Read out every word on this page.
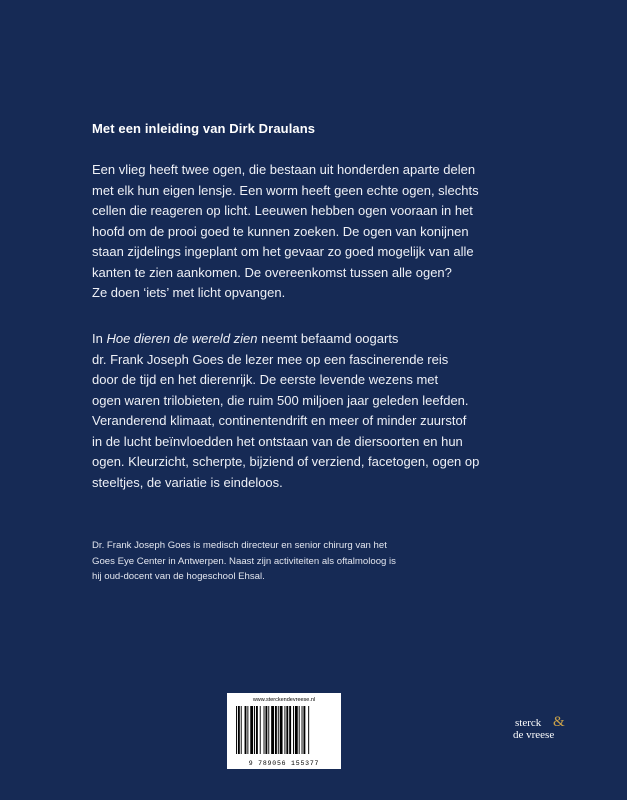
Met een inleiding van Dirk Draulans
Een vlieg heeft twee ogen, die bestaan uit honderden aparte delen
met elk hun eigen lensje. Een worm heeft geen echte ogen, slechts
cellen die reageren op licht. Leeuwen hebben ogen vooraan in het
hoofd om de prooi goed te kunnen zoeken. De ogen van konijnen
staan zijdelings ingeplant om het gevaar zo goed mogelijk van alle
kanten te zien aankomen. De overeenkomst tussen alle ogen?
Ze doen ‘iets’ met licht opvangen.
In Hoe dieren de wereld zien neemt befaamd oogarts
dr. Frank Joseph Goes de lezer mee op een fascinerende reis
door de tijd en het dierenrijk. De eerste levende wezens met
ogen waren trilobieten, die ruim 500 miljoen jaar geleden leefden.
Veranderend klimaat, continentendrift en meer of minder zuurstof
in de lucht beïnvloedden het ontstaan van de diersoorten en hun
ogen. Kleurzicht, scherpte, bijziend of verziend, facetogen, ogen op
steeltjes, de variatie is eindeloos.
Dr. Frank Joseph Goes is medisch directeur en senior chirurg van het
Goes Eye Center in Antwerpen. Naast zijn activiteiten als oftalmoloog is
hij oud-docent van de hogeschool Ehsal.
www.sterckendevreese.nl
9 789056 155377
sterck &
de vreese
